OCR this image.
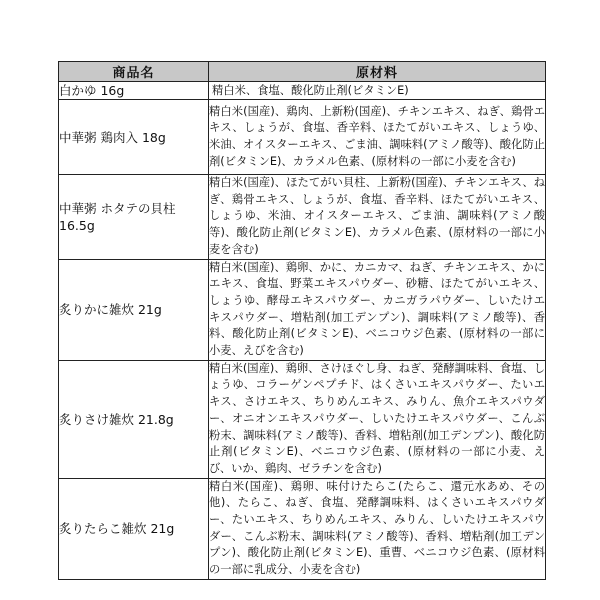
商品名	原材料
白かゆ 16g	精白米、食塩、酸化防止剤(ビタミンE)
中華粥 鶏肉入 18g	精白米(国産)、鶏肉、上新粉(国産)、チキンエキス、ねぎ、鶏骨エキス、しょうが、食塩、香辛料、ほたてがいエキス、しょうゆ、米油、オイスターエキス、ごま油、調味料(アミノ酸等)、酸化防止剤(ビタミンE)、カラメル色素、(原材料の一部に小麦を含む)
中華粥 ホタテの貝柱 16.5g	精白米(国産)、ほたてがい貝柱、上新粉(国産)、チキンエキス、ねぎ、鶏骨エキス、しょうが、食塩、香辛料、ほたてがいエキス、しょうゆ、米油、オイスターエキス、ごま油、調味料(アミノ酸等)、酸化防止剤(ビタミンE)、カラメル色素、(原材料の一部に小麦を含む)
炙りかに雑炊 21g	精白米(国産)、鶏卵、かに、カニカマ、ねぎ、チキンエキス、かにエキス、食塩、野菜エキスパウダー、砂糖、ほたてがいエキス、しょうゆ、酵母エキスパウダー、カニガラパウダー、しいたけエキスパウダー、増粘剤(加工デンプン)、調味料(アミノ酸等)、香料、酸化防止剤(ビタミンE)、ベニコウジ色素、(原材料の一部に小麦、えびを含む)
炙りさけ雑炊 21.8g	精白米(国産)、鶏卵、さけほぐし身、ねぎ、発酵調味料、食塩、しょうゆ、コラーゲンペプチド、はくさいエキスパウダー、たいエキス、さけエキス、ちりめんエキス、みりん、魚介エキスパウダー、オニオンエキスパウダー、しいたけエキスパウダー、こんぶ粉末、調味料(アミノ酸等)、香料、増粘剤(加工デンプン)、酸化防止剤(ビタミンE)、ベニコウジ色素、(原材料の一部に小麦、えび、いか、鶏肉、ゼラチンを含む)
炙りたらこ雑炊 21g	精白米(国産)、鶏卵、味付けたらこ(たらこ、還元水あめ、その他)、たらこ、ねぎ、食塩、発酵調味料、はくさいエキスパウダー、たいエキス、ちりめんエキス、みりん、しいたけエキスパウダー、こんぶ粉末、調味料(アミノ酸等)、香料、増粘剤(加工デンプン)、酸化防止剤(ビタミンE)、重曹、ベニコウジ色素、(原材料の一部に乳成分、小麦を含む)
